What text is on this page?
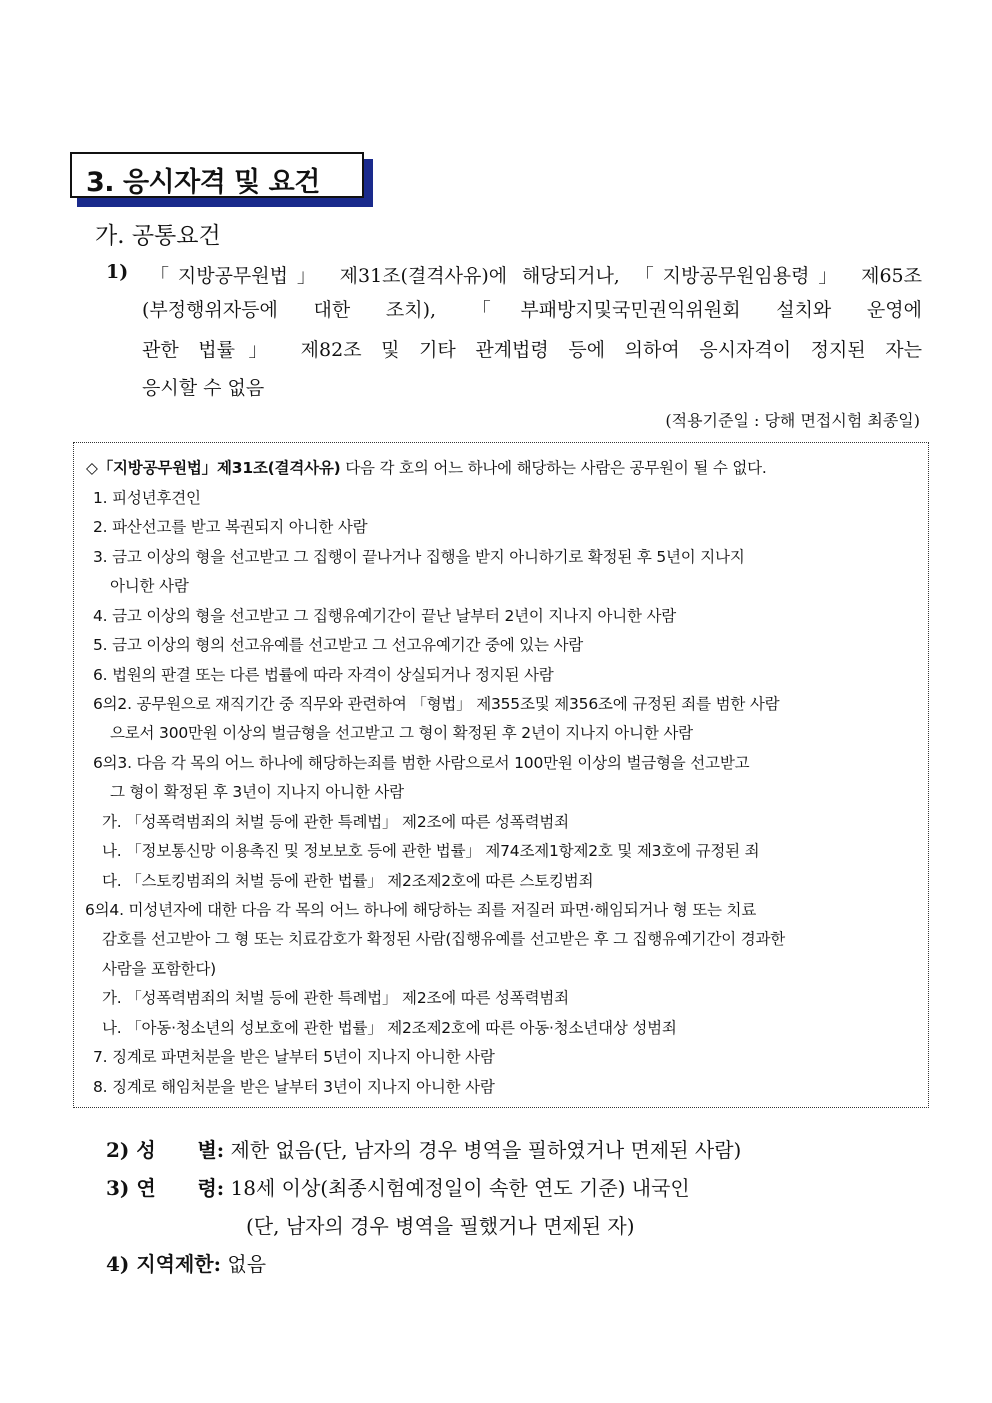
3. 응시자격 및 요건
가. 공통요건
1) 「지방공무원법」 제31조(결격사유)에 해당되거나, 「지방공무원임용령」 제65조
(부정행위자등에 대한 조치), 「부패방지및국민권익위원회 설치와 운영에
관한 법률」 제82조 및 기타 관계법령 등에 의하여 응시자격이 정지된 자는
응시할 수 없음
(적용기준일 : 당해 면접시험 최종일)
◇「지방공무원법」제31조(결격사유) 다음 각 호의 어느 하나에 해당하는 사람은 공무원이 될 수 없다.
1. 피성년후견인
2. 파산선고를 받고 복권되지 아니한 사람
3. 금고 이상의 형을 선고받고 그 집행이 끝나거나 집행을 받지 아니하기로 확정된 후 5년이 지나지
아니한 사람
4. 금고 이상의 형을 선고받고 그 집행유예기간이 끝난 날부터 2년이 지나지 아니한 사람
5. 금고 이상의 형의 선고유예를 선고받고 그 선고유예기간 중에 있는 사람
6. 법원의 판결 또는 다른 법률에 따라 자격이 상실되거나 정지된 사람
6의2. 공무원으로 재직기간 중 직무와 관련하여 「형법」 제355조및 제356조에 규정된 죄를 범한 사람
으로서 300만원 이상의 벌금형을 선고받고 그 형이 확정된 후 2년이 지나지 아니한 사람
6의3. 다음 각 목의 어느 하나에 해당하는죄를 범한 사람으로서 100만원 이상의 벌금형을 선고받고
그 형이 확정된 후 3년이 지나지 아니한 사람
가. 「성폭력범죄의 처벌 등에 관한 특례법」 제2조에 따른 성폭력범죄
나. 「정보통신망 이용촉진 및 정보보호 등에 관한 법률」 제74조제1항제2호 및 제3호에 규정된 죄
다. 「스토킹범죄의 처벌 등에 관한 법률」 제2조제2호에 따른 스토킹범죄
6의4. 미성년자에 대한 다음 각 목의 어느 하나에 해당하는 죄를 저질러 파면·해임되거나 형 또는 치료
감호를 선고받아 그 형 또는 치료감호가 확정된 사람(집행유예를 선고받은 후 그 집행유예기간이 경과한
사람을 포함한다)
가. 「성폭력범죄의 처벌 등에 관한 특례법」 제2조에 따른 성폭력범죄
나. 「아동·청소년의 성보호에 관한 법률」 제2조제2호에 따른 아동·청소년대상 성범죄
7. 징계로 파면처분을 받은 날부터 5년이 지나지 아니한 사람
8. 징계로 해임처분을 받은 날부터 3년이 지나지 아니한 사람
2) 성      별: 제한 없음(단, 남자의 경우 병역을 필하였거나 면제된 사람)
3) 연      령: 18세 이상(최종시험예정일이 속한 연도 기준) 내국인
(단, 남자의 경우 병역을 필했거나 면제된 자)
4) 지역제한: 없음
